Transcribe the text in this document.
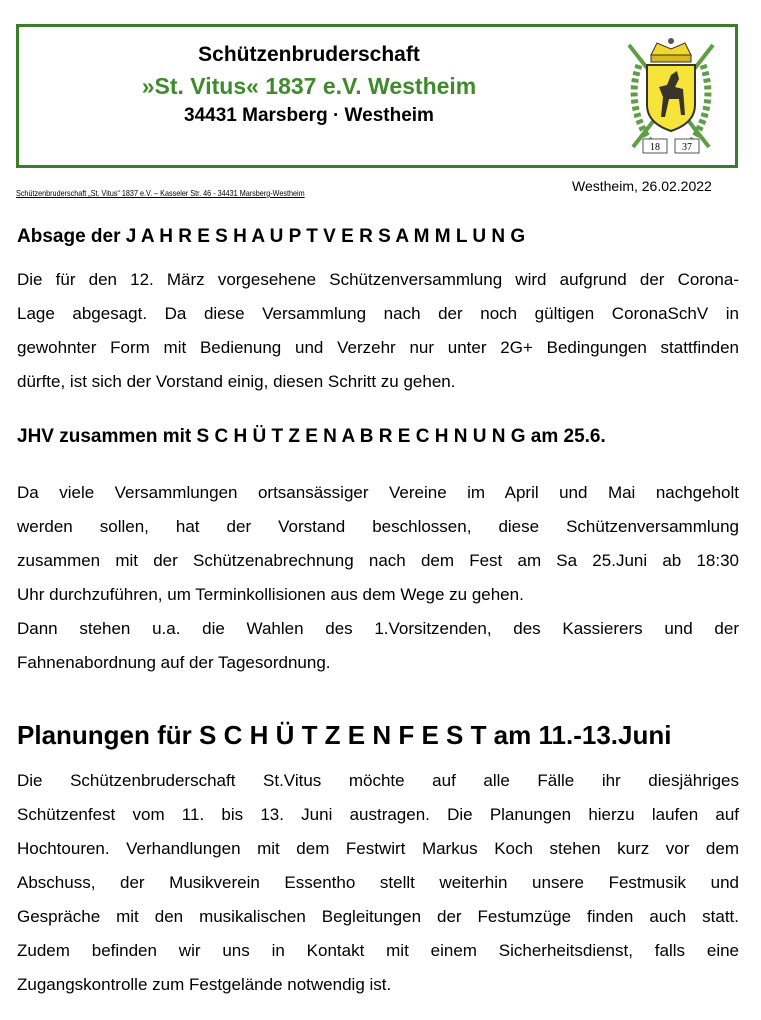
Schützenbruderschaft
»St. Vitus« 1837 e.V. Westheim
34431 Marsberg · Westheim
18 37
Schützenbruderschaft „St. Vitus“ 1837 e.V. – Kasseler Str. 46 - 34431 Marsberg-Westheim	Westheim, 26.02.2022
Absage der J A H R E S H A U P T V E R S A M M L U N G
Die für den 12. März vorgesehene Schützenversammlung wird aufgrund der Corona-
Lage abgesagt. Da diese Versammlung nach der noch gültigen CoronaSchV in
gewohnter Form mit Bedienung und Verzehr nur unter 2G+ Bedingungen stattfinden
dürfte, ist sich der Vorstand einig, diesen Schritt zu gehen.
JHV zusammen mit S C H Ü T Z E N A B R E C H N U N G am 25.6.
Da viele Versammlungen ortsansässiger Vereine im April und Mai nachgeholt
werden sollen, hat der Vorstand beschlossen, diese Schützenversammlung
zusammen mit der Schützenabrechnung nach dem Fest am Sa 25.Juni ab 18:30
Uhr durchzuführen, um Terminkollisionen aus dem Wege zu gehen.
Dann stehen u.a. die Wahlen des 1.Vorsitzenden, des Kassierers und der
Fahnenabordnung auf der Tagesordnung.
Planungen für S C H Ü T Z E N F E S T am 11.-13.Juni
Die Schützenbruderschaft St.Vitus möchte auf alle Fälle ihr diesjähriges
Schützenfest vom 11. bis 13. Juni austragen. Die Planungen hierzu laufen auf
Hochtouren. Verhandlungen mit dem Festwirt Markus Koch stehen kurz vor dem
Abschuss, der Musikverein Essentho stellt weiterhin unsere Festmusik und
Gespräche mit den musikalischen Begleitungen der Festumzüge finden auch statt.
Zudem befinden wir uns in Kontakt mit einem Sicherheitsdienst, falls eine
Zugangskontrolle zum Festgelände notwendig ist.
